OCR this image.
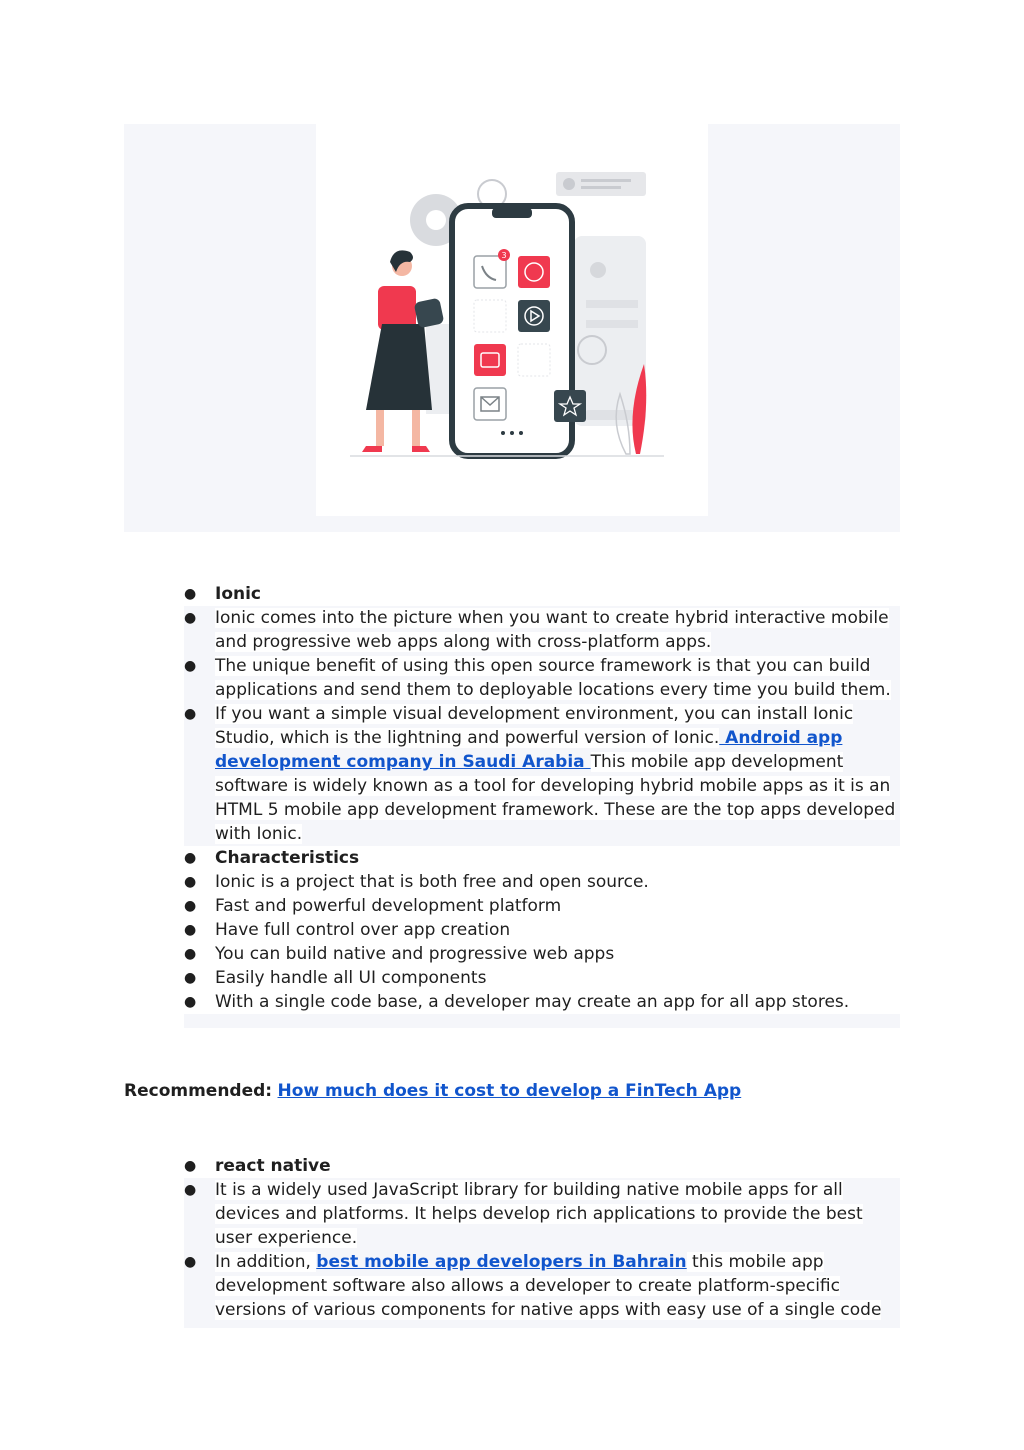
3
● Ionic
● Ionic comes into the picture when you want to create hybrid interactive mobile and progressive web apps along with cross-platform apps.
● The unique benefit of using this open source framework is that you can build applications and send them to deployable locations every time you build them.
● If you want a simple visual development environment, you can install Ionic Studio, which is the lightning and powerful version of Ionic. Android app development company in Saudi Arabia This mobile app development software is widely known as a tool for developing hybrid mobile apps as it is an HTML 5 mobile app development framework. These are the top apps developed with Ionic.
● Characteristics
● Ionic is a project that is both free and open source.
● Fast and powerful development platform
● Have full control over app creation
● You can build native and progressive web apps
● Easily handle all UI components
● With a single code base, a developer may create an app for all app stores.
Recommended: How much does it cost to develop a FinTech App
● react native
● It is a widely used JavaScript library for building native mobile apps for all devices and platforms. It helps develop rich applications to provide the best user experience.
● In addition, best mobile app developers in Bahrain this mobile app development software also allows a developer to create platform-specific versions of various components for native apps with easy use of a single code
